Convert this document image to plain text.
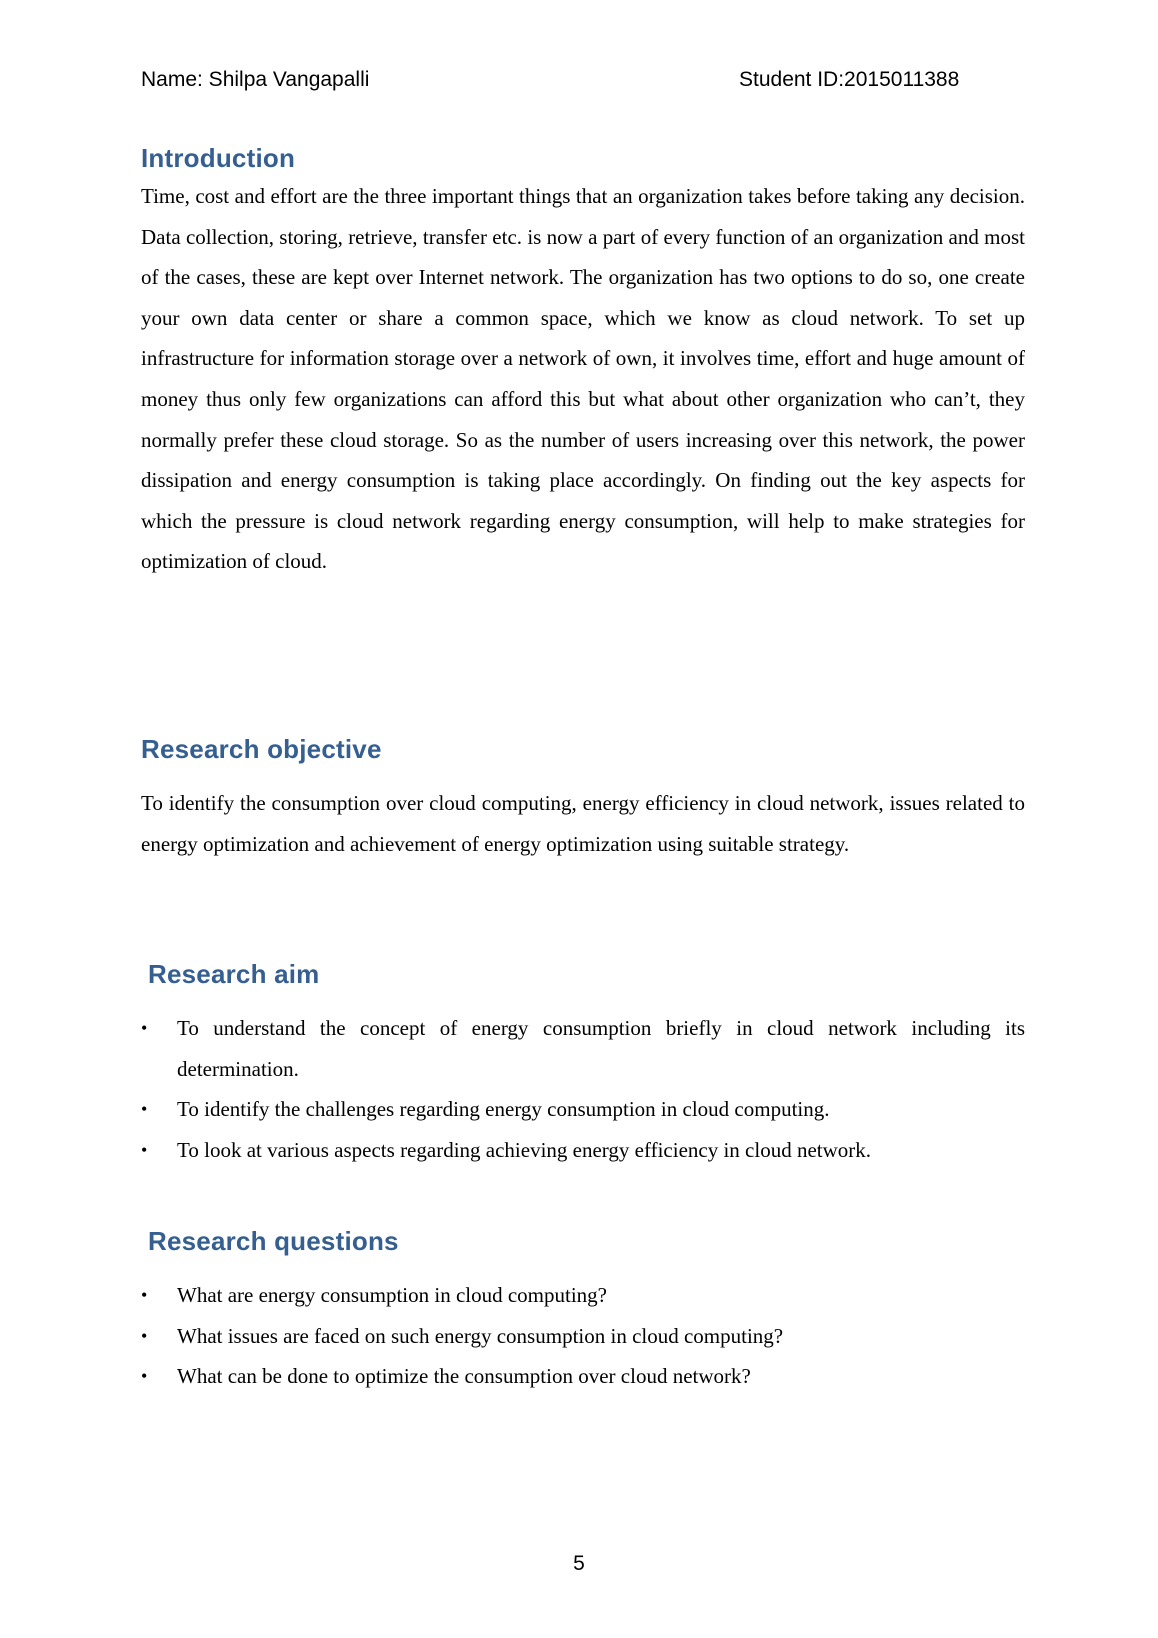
Name: Shilpa Vangapalli	Student ID:2015011388
Introduction

Time, cost and effort are the three important things that an organization takes before taking any decision. Data collection, storing, retrieve, transfer etc. is now a part of every function of an organization and most of the cases, these are kept over Internet network. The organization has two options to do so, one create your own data center or share a common space, which we know as cloud network. To set up infrastructure for information storage over a network of own, it involves time, effort and huge amount of money thus only few organizations can afford this but what about other organization who can’t, they normally prefer these cloud storage. So as the number of users increasing over this network, the power dissipation and energy consumption is taking place accordingly. On finding out the key aspects for which the pressure is cloud network regarding energy consumption, will help to make strategies for optimization of cloud.

Research objective

To identify the consumption over cloud computing, energy efficiency in cloud network, issues related to energy optimization and achievement of energy optimization using suitable strategy.

Research aim
• To understand the concept of energy consumption briefly in cloud network including its determination.
• To identify the challenges regarding energy consumption in cloud computing.
• To look at various aspects regarding achieving energy efficiency in cloud network.
Research questions
• What are energy consumption in cloud computing?
• What issues are faced on such energy consumption in cloud computing?
• What can be done to optimize the consumption over cloud network?
5
